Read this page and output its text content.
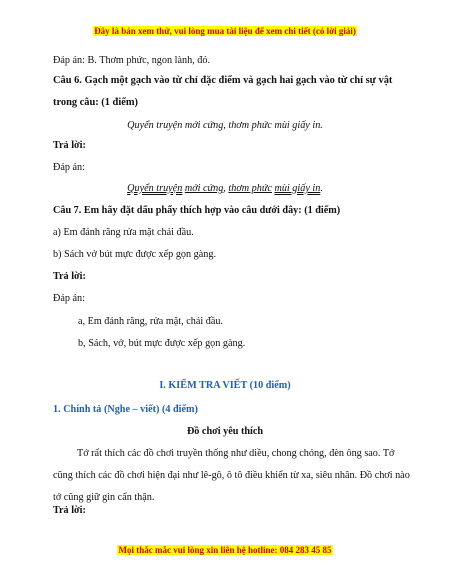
Đây là bản xem thử, vui lòng mua tài liệu để xem chi tiết (có lời giải)
Đáp án: B. Thơm phức, ngon lành, đỏ.
Câu 6. Gạch một gạch vào từ chỉ đặc điểm và gạch hai gạch vào từ chỉ sự vật trong câu: (1 điểm)
Quyển truyện mới cứng, thơm phức mùi giấy in.
Trả lời:
Đáp án:
Quyển truyện mới cứng, thơm phức mùi giấy in.
Câu 7. Em hãy đặt dấu phẩy thích hợp vào câu dưới đây: (1 điểm)
a) Em đánh răng rửa mặt chải đầu.
b) Sách vở bút mực được xếp gọn gàng.
Trả lời:
Đáp án:
a, Em đánh răng, rửa mặt, chải đầu.
b, Sách, vở, bút mực được xếp gọn gàng.
I. KIỂM TRA VIẾT (10 điểm)
1. Chính tả (Nghe – viết) (4 điểm)
Đồ chơi yêu thích
Tớ rất thích các đồ chơi truyền thống như diều, chong chóng, đèn ông sao. Tớ cũng thích các đồ chơi hiện đại như lê-gô, ô tô điều khiển từ xa, siêu nhân. Đồ chơi nào tớ cũng giữ gìn cẩn thận.
Trả lời:
Mọi thắc mắc vui lòng xin liên hệ hotline: 084 283 45 85
